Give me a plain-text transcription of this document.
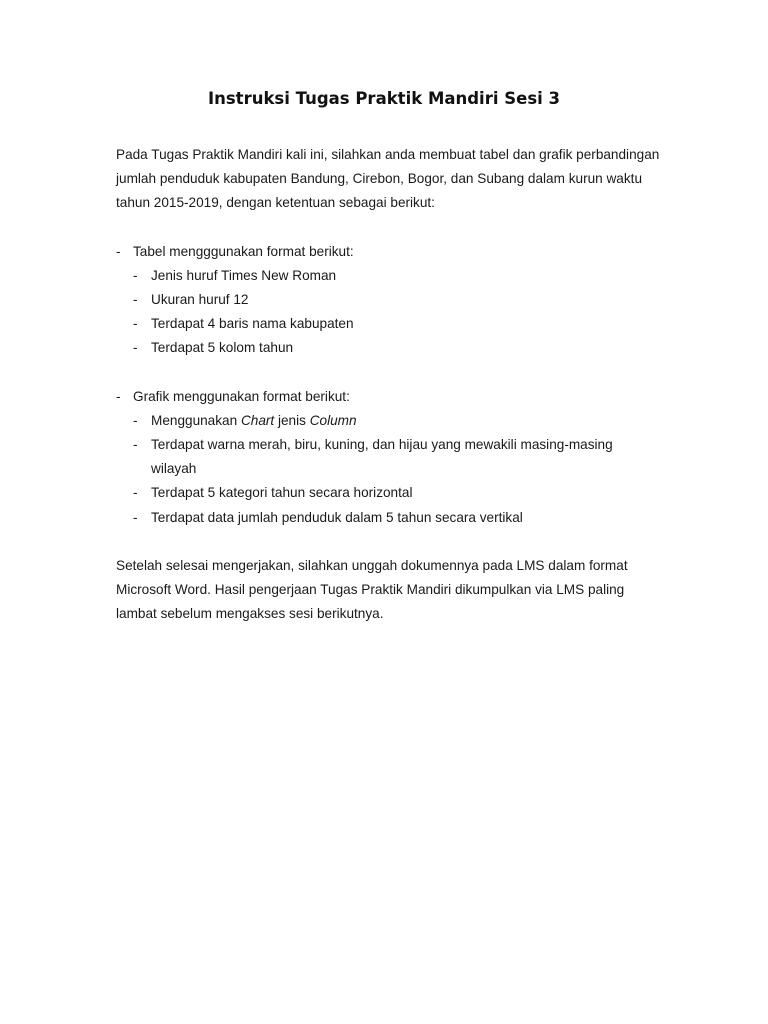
Instruksi Tugas Praktik Mandiri Sesi 3

Pada Tugas Praktik Mandiri kali ini, silahkan anda membuat tabel dan grafik perbandingan jumlah penduduk kabupaten Bandung, Cirebon, Bogor, dan Subang dalam kurun waktu tahun 2015-2019, dengan ketentuan sebagai berikut:

- Tabel mengggunakan format berikut:
- Jenis huruf Times New Roman
- Ukuran huruf 12
- Terdapat 4 baris nama kabupaten
- Terdapat 5 kolom tahun
- Grafik menggunakan format berikut:
- Menggunakan Chart jenis Column
- Terdapat warna merah, biru, kuning, dan hijau yang mewakili masing-masing wilayah
- Terdapat 5 kategori tahun secara horizontal
- Terdapat data jumlah penduduk dalam 5 tahun secara vertikal

Setelah selesai mengerjakan, silahkan unggah dokumennya pada LMS dalam format Microsoft Word. Hasil pengerjaan Tugas Praktik Mandiri dikumpulkan via LMS paling lambat sebelum mengakses sesi berikutnya.
